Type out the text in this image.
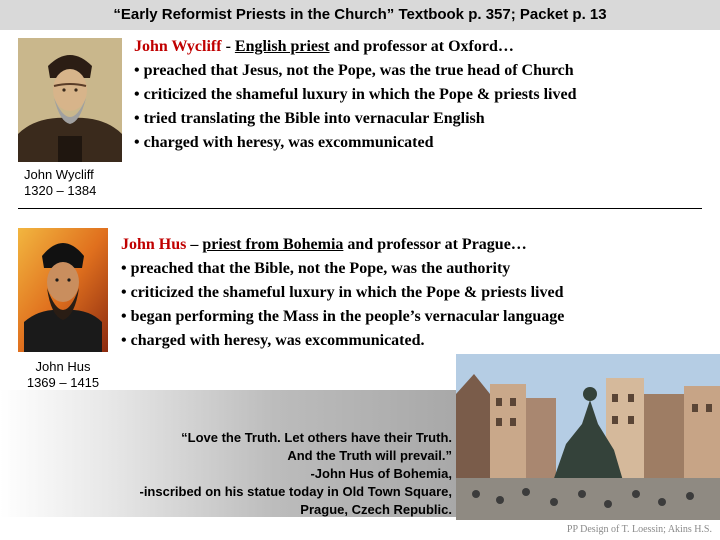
“Early Reformist Priests in the Church” Textbook p. 357; Packet p. 13
John Wycliff
1320 – 1384
John Wycliff - English priest and professor at Oxford…
• preached that Jesus, not the Pope, was the true head of Church
• criticized the shameful luxury in which the Pope & priests lived
• tried translating the Bible into vernacular English
• charged with heresy, was excommunicated
John Hus
1369 – 1415
John Hus – priest from Bohemia and professor at Prague…
• preached that the Bible, not the Pope, was the authority
• criticized the shameful luxury in which the Pope & priests lived
• began performing the Mass in the people’s vernacular language
• charged with heresy, was excommunicated.
“Love the Truth. Let others have their Truth.
And the Truth will prevail.”
-John Hus of Bohemia,
-inscribed on his statue today in Old Town Square,
Prague, Czech Republic.
PP Design of T. Loessin; Akins H.S.
